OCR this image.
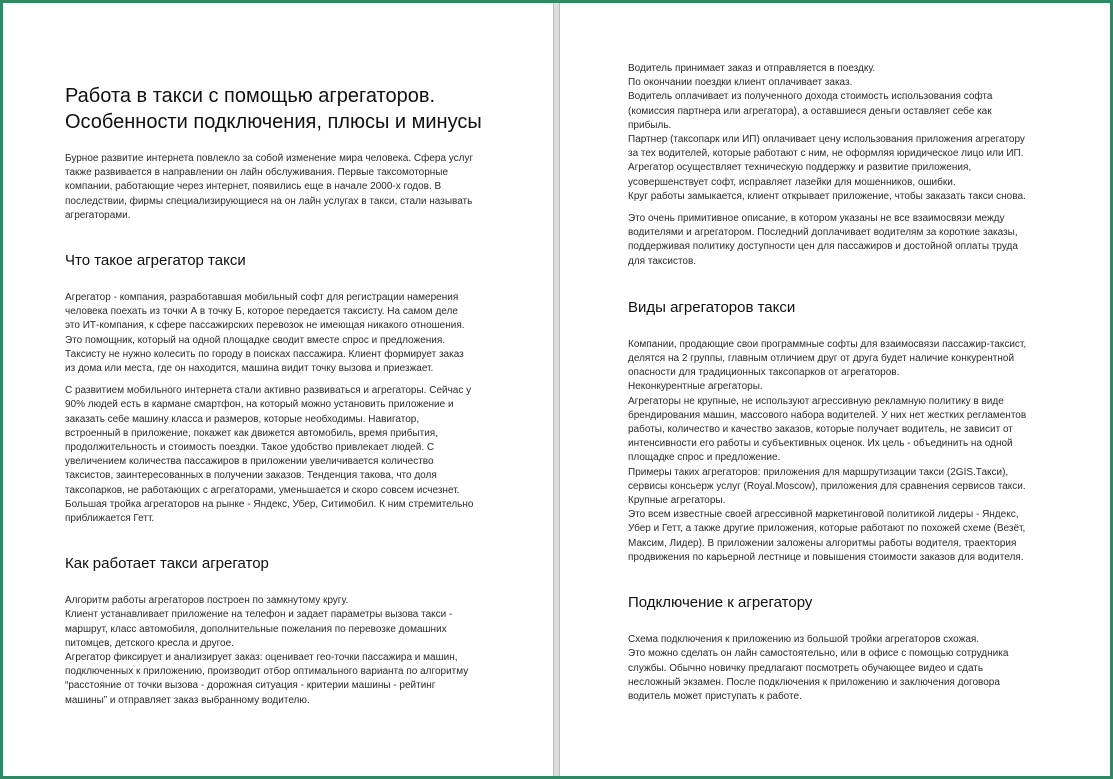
Работа в такси с помощью агрегаторов.
Особенности подключения, плюсы и минусы

Бурное развитие интернета повлекло за собой изменение мира человека. Сфера услуг
также развивается в направлении он лайн обслуживания. Первые таксомоторные
компании, работающие через интернет, появились еще в начале 2000-х годов. В
последствии, фирмы специализирующиеся на он лайн услугах в такси, стали называть
агрегаторами.

Что такое агрегатор такси

Агрегатор - компания, разработавшая мобильный софт для регистрации намерения
человека поехать из точки А в точку Б, которое передается таксисту. На самом деле
это ИТ-компания, к сфере пассажирских перевозок не имеющая никакого отношения.
Это помощник, который на одной площадке сводит вместе спрос и предложения.
Таксисту не нужно колесить по городу в поисках пассажира. Клиент формирует заказ
из дома или места, где он находится, машина видит точку вызова и приезжает.

С развитием мобильного интернета стали активно развиваться и агрегаторы. Сейчас у
90% людей есть в кармане смартфон, на который можно установить приложение и
заказать себе машину класса и размеров, которые необходимы. Навигатор,
встроенный в приложение, покажет как движется автомобиль, время прибытия,
продолжительность и стоимость поездки. Такое удобство привлекает людей. С
увеличением количества пассажиров в приложении увеличивается количество
таксистов, заинтересованных в получении заказов. Тенденция такова, что доля
таксопарков, не работающих с агрегаторами, уменьшается и скоро совсем исчезнет.
Большая тройка агрегаторов на рынке - Яндекс, Убер, Ситимобил. К ним стремительно
приближается Гетт.

Как работает такси агрегатор

Алгоритм работы агрегаторов построен по замкнутому кругу.
Клиент устанавливает приложение на телефон и задает параметры вызова такси -
маршрут, класс автомобиля, дополнительные пожелания по перевозке домашних
питомцев, детского кресла и другое.
Агрегатор фиксирует и анализирует заказ: оценивает гео-точки пассажира и машин,
подключенных к приложению, производит отбор оптимального варианта по алгоритму
“расстояние от точки вызова - дорожная ситуация - критерии машины - рейтинг
машины” и отправляет заказ выбранному водителю.

Водитель принимает заказ и отправляется в поездку.
По окончании поездки клиент оплачивает заказ.
Водитель оплачивает из полученного дохода стоимость использования софта
(комиссия партнера или агрегатора), а оставшиеся деньги оставляет себе как
прибыль.
Партнер (таксопарк или ИП) оплачивает цену использования приложения агрегатору
за тех водителей, которые работают с ним, не оформляя юридическое лицо или ИП.
Агрегатор осуществляет техническую поддержку и развитие приложения,
усовершенствует софт, исправляет лазейки для мошенников, ошибки.
Круг работы замыкается, клиент открывает приложение, чтобы заказать такси снова.

Это очень примитивное описание, в котором указаны не все взаимосвязи между
водителями и агрегатором. Последний доплачивает водителям за короткие заказы,
поддерживая политику доступности цен для пассажиров и достойной оплаты труда
для таксистов.

Виды агрегаторов такси

Компании, продающие свои программные софты для взаимосвязи пассажир-таксист,
делятся на 2 группы, главным отличием друг от друга будет наличие конкурентной
опасности для традиционных таксопарков от агрегаторов.
Неконкурентные агрегаторы.
Агрегаторы не крупные, не используют агрессивную рекламную политику в виде
брендирования машин, массового набора водителей. У них нет жестких регламентов
работы, количество и качество заказов, которые получает водитель, не зависит от
интенсивности его работы и субъективных оценок. Их цель - объединить на одной
площадке спрос и предложение.
Примеры таких агрегаторов: приложения для маршрутизации такси (2GIS.Такси),
сервисы консьерж услуг (Royal.Moscow), приложения для сравнения сервисов такси.
Крупные агрегаторы.
Это всем известные своей агрессивной маркетинговой политикой лидеры - Яндекс,
Убер и Гетт, а также другие приложения, которые работают по похожей схеме (Везёт,
Максим, Лидер). В приложении заложены алгоритмы работы водителя, траектория
продвижения по карьерной лестнице и повышения стоимости заказов для водителя.

Подключение к агрегатору

Схема подключения к приложению из большой тройки агрегаторов схожая.
Это можно сделать он лайн самостоятельно, или в офисе с помощью сотрудника
службы. Обычно новичку предлагают посмотреть обучающее видео и сдать
несложный экзамен. После подключения к приложению и заключения договора
водитель может приступать к работе.
